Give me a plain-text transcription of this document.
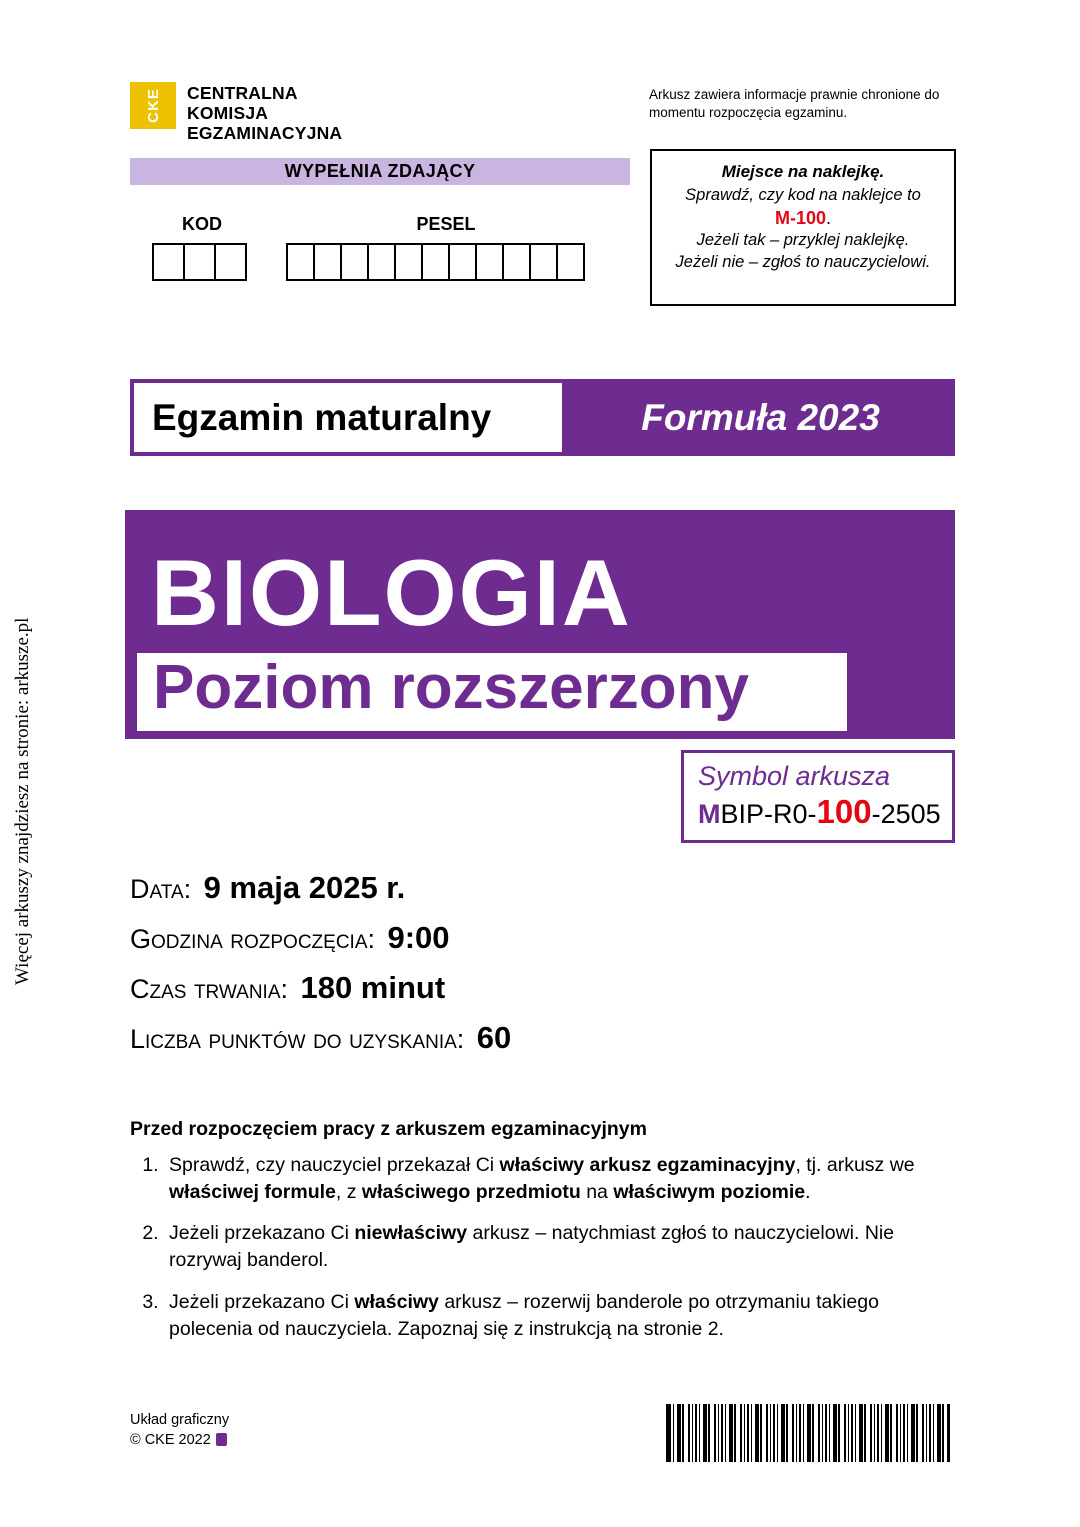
Więcej arkuszy znajdziesz na stronie: arkusze.pl
CKE CENTRALNA
KOMISJA
EGZAMINACYJNA
Arkusz zawiera informacje prawnie chronione do momentu rozpoczęcia egzaminu.
WYPEŁNIA ZDAJĄCY
KOD	PESEL
Miejsce na naklejkę.
Sprawdź, czy kod na naklejce to
M-100.
Jeżeli tak – przyklej naklejkę.
Jeżeli nie – zgłoś to nauczycielowi.
Egzamin maturalny	Formuła 2023
BIOLOGIA
Poziom rozszerzony
Symbol arkusza
MBIP-R0-100-2505
Data: 9 maja 2025 r.
Godzina rozpoczęcia: 9:00
Czas trwania: 180 minut
Liczba punktów do uzyskania: 60
Przed rozpoczęciem pracy z arkuszem egzaminacyjnym
1. Sprawdź, czy nauczyciel przekazał Ci właściwy arkusz egzaminacyjny, tj. arkusz we właściwej formule, z właściwego przedmiotu na właściwym poziomie.
2. Jeżeli przekazano Ci niewłaściwy arkusz – natychmiast zgłoś to nauczycielowi. Nie rozrywaj banderol.
3. Jeżeli przekazano Ci właściwy arkusz – rozerwij banderole po otrzymaniu takiego polecenia od nauczyciela. Zapoznaj się z instrukcją na stronie 2.
Układ graficzny
© CKE 2022
